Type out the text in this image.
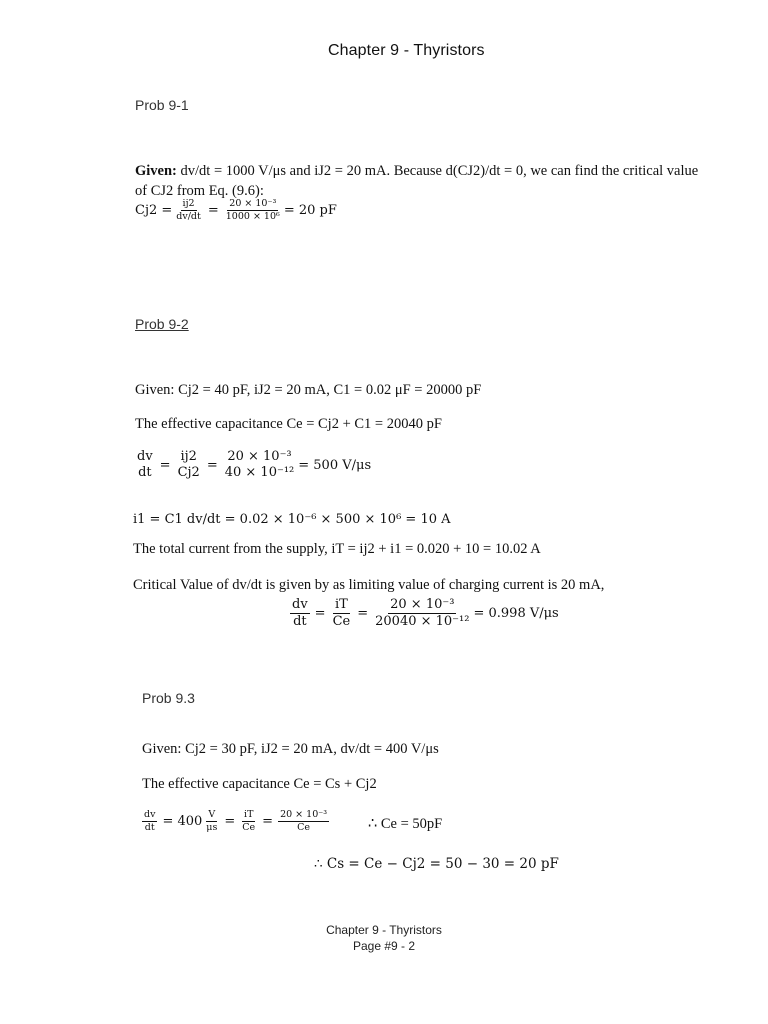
Chapter 9 - Thyristors
Prob 9-1
Given: dv/dt = 1000 V/μs and iJ2 = 20 mA. Because d(CJ2)/dt = 0, we can find the critical value
of CJ2 from Eq. (9.6):
$Cj2 = \frac{ij2}{dv/dt} = \frac{\text{20 × 10⁻³}}{\text{1000 × 10⁶}} = 20$ pF
Prob 9-2
Given: Cj2 = 40 pF, iJ2 = 20 mA, C1 = 0.02 μF = 20000 pF
The effective capacitance Ce = Cj2 + C1 = 20040 pF
dv
dt =
ij2
Cj2 =
20 × 10⁻³
40 × 10⁻¹² = 500 V/μs
i1 = C1 dv/dt = 0.02 × 10⁻⁶ × 500 × 10⁶ = 10 A
The total current from the supply, iT = ij2 + i1 = 0.020 + 10 = 10.02 A
Critical Value of dv/dt is given by as limiting value of charging current is 20 mA,
$\frac{dv}{dt} = \frac{iT}{Ce} = \frac{\text{20 × 10⁻³}}{\text{20040 × 10⁻¹²}} = 0.998$ V/μs
Prob 9.3
Given: Cj2 = 30 pF, iJ2 = 20 mA, dv/dt = 400 V/μs
The effective capacitance Ce = Cs + Cj2
$\frac{dv}{dt} = 400 \frac{V}{\mu s} = \frac{iT}{Ce} = \frac{\text{20 × 10⁻³}}{Ce}$	∴ Ce = 50pF
∴ Cs = Ce − Cj2 = 50 − 30 = 20 pF
Chapter 9 - Thyristors
Page #9 - 2
